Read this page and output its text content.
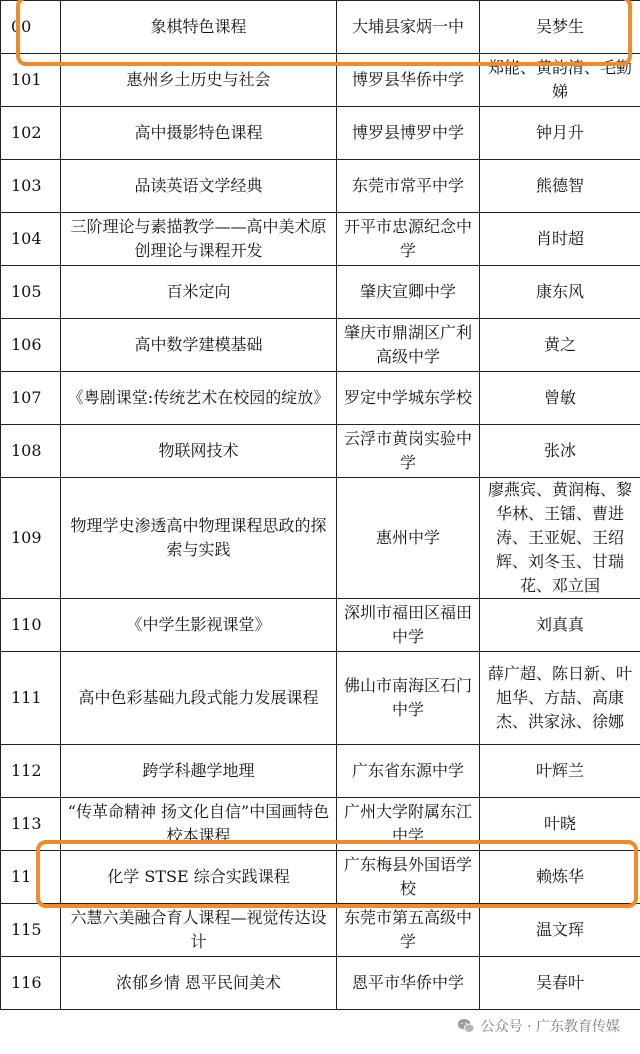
00	象棋特色课程	大埔县家炳一中	吴梦生
101	惠州乡土历史与社会	博罗县华侨中学	郑能、黄韵清、毛勤娣
102	高中摄影特色课程	博罗县博罗中学	钟月升
103	品读英语文学经典	东莞市常平中学	熊德智
104	三阶理论与素描教学——高中美术原创理论与课程开发	开平市忠源纪念中学	肖时超
105	百米定向	肇庆宣卿中学	康东风
106	高中数学建模基础	肇庆市鼎湖区广利高级中学	黄之
107	《粤剧课堂:传统艺术在校园的绽放》	罗定中学城东学校	曾敏
108	物联网技术	云浮市黄岗实验中学	张冰
109	物理学史渗透高中物理课程思政的探索与实践	惠州中学	廖燕宾、黄润梅、黎华林、王镭、曹进涛、王亚妮、王绍辉、刘冬玉、甘瑞花、邓立国
110	《中学生影视课堂》	深圳市福田区福田中学	刘真真
111	高中色彩基础九段式能力发展课程	佛山市南海区石门中学	薛广超、陈日新、叶旭华、方喆、高康杰、洪家泳、徐娜
112	跨学科趣学地理	广东省东源中学	叶辉兰
113	“传革命精神 扬文化自信”中国画特色校本课程	广州大学附属东江中学	叶晓
11	化学 STSE 综合实践课程	广东梅县外国语学校	赖炼华
115	六慧六美融合育人课程—视觉传达设计	东莞市第五高级中学	温文珲
116	浓郁乡情 恩平民间美术	恩平市华侨中学	吴春叶
公众号 · 广东教育传媒
